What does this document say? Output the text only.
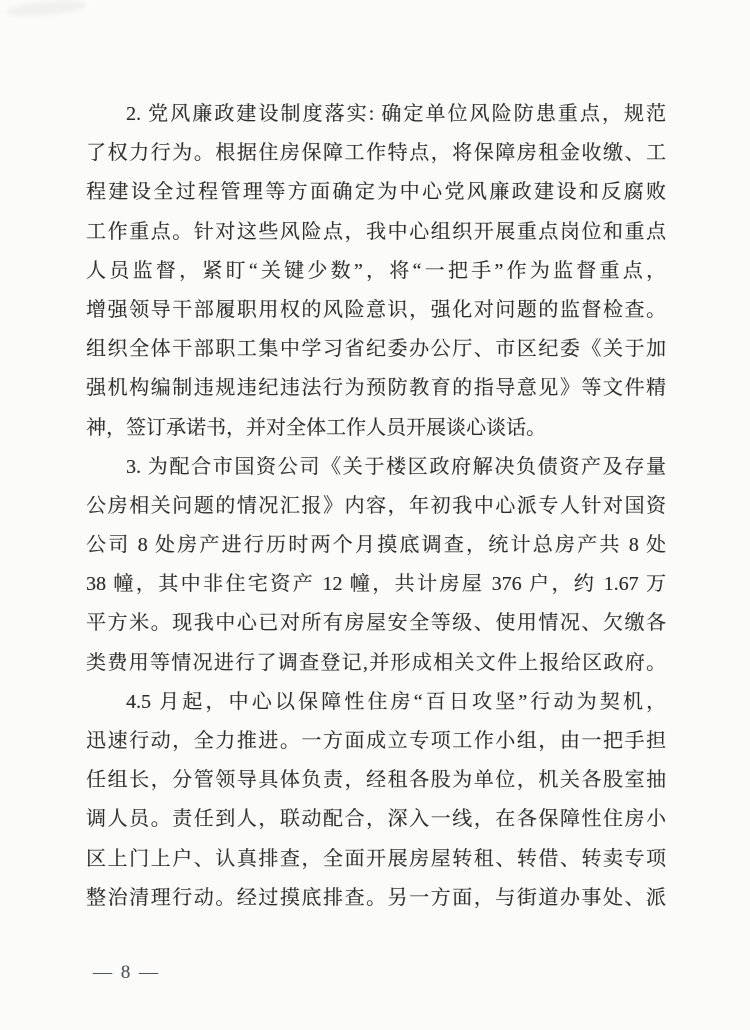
2. 党风廉政建设制度落实: 确定单位风险防患重点，规范
了权力行为。根据住房保障工作特点，将保障房租金收缴、工
程建设全过程管理等方面确定为中心党风廉政建设和反腐败
工作重点。针对这些风险点，我中心组织开展重点岗位和重点
人员监督，紧盯“关键少数”，将“一把手”作为监督重点，
增强领导干部履职用权的风险意识，强化对问题的监督检查。
组织全体干部职工集中学习省纪委办公厅、市区纪委《关于加
强机构编制违规违纪违法行为预防教育的指导意见》等文件精
神，签订承诺书，并对全体工作人员开展谈心谈话。
3. 为配合市国资公司《关于楼区政府解决负债资产及存量
公房相关问题的情况汇报》内容，年初我中心派专人针对国资
公司 8 处房产进行历时两个月摸底调查，统计总房产共 8 处
38 幢，其中非住宅资产 12 幢，共计房屋 376 户，约 1.67 万
平方米。现我中心已对所有房屋安全等级、使用情况、欠缴各
类费用等情况进行了调查登记,并形成相关文件上报给区政府。
4.5 月起，中心以保障性住房“百日攻坚”行动为契机，
迅速行动，全力推进。一方面成立专项工作小组，由一把手担
任组长，分管领导具体负责，经租各股为单位，机关各股室抽
调人员。责任到人，联动配合，深入一线，在各保障性住房小
区上门上户、认真排查，全面开展房屋转租、转借、转卖专项
整治清理行动。经过摸底排查。另一方面，与街道办事处、派
— 8 —
